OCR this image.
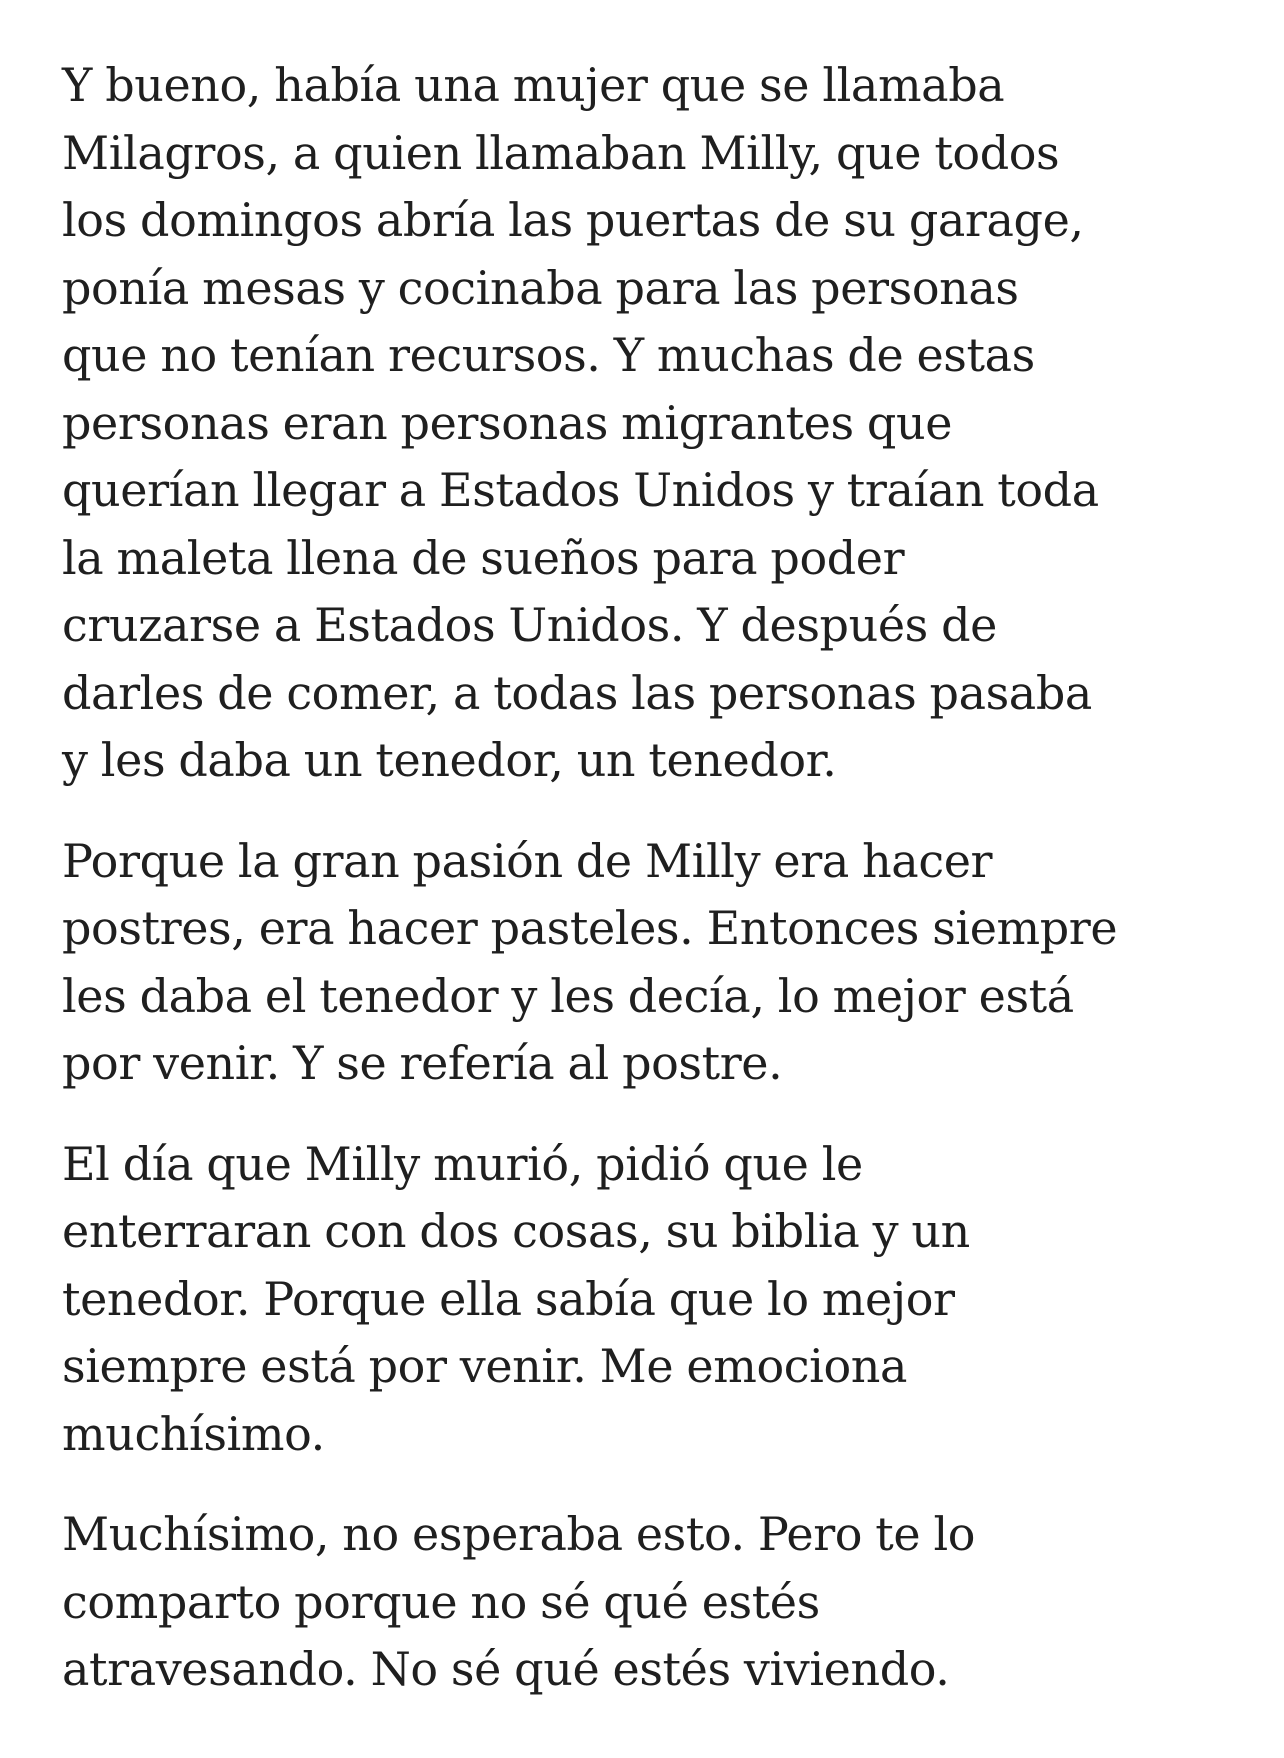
Y bueno, había una mujer que se llamaba
Milagros, a quien llamaban Milly, que todos
los domingos abría las puertas de su garage,
ponía mesas y cocinaba para las personas
que no tenían recursos. Y muchas de estas
personas eran personas migrantes que
querían llegar a Estados Unidos y traían toda
la maleta llena de sueños para poder
cruzarse a Estados Unidos. Y después de
darles de comer, a todas las personas pasaba
y les daba un tenedor, un tenedor.

Porque la gran pasión de Milly era hacer
postres, era hacer pasteles. Entonces siempre
les daba el tenedor y les decía, lo mejor está
por venir. Y se refería al postre.

El día que Milly murió, pidió que le
enterraran con dos cosas, su biblia y un
tenedor. Porque ella sabía que lo mejor
siempre está por venir. Me emociona
muchísimo.

Muchísimo, no esperaba esto. Pero te lo
comparto porque no sé qué estés
atravesando. No sé qué estés viviendo.
